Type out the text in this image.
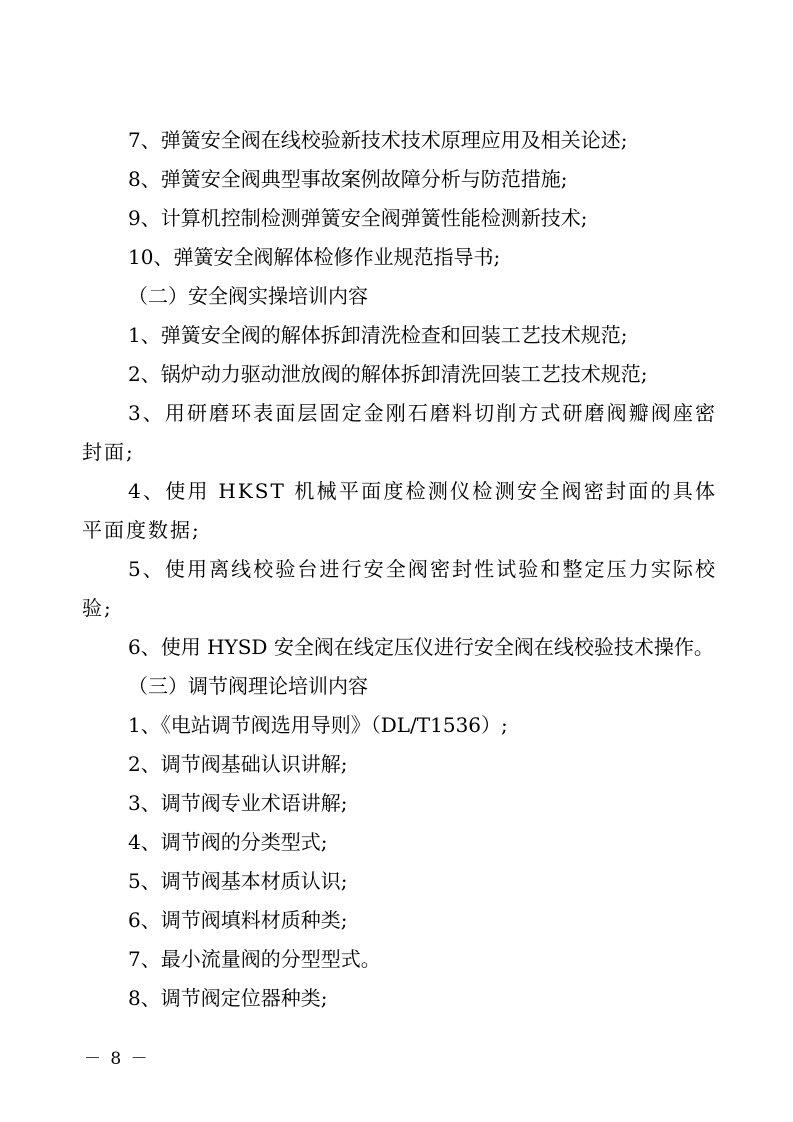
7、弹簧安全阀在线校验新技术技术原理应用及相关论述;

8、弹簧安全阀典型事故案例故障分析与防范措施;

9、计算机控制检测弹簧安全阀弹簧性能检测新技术;

10、弹簧安全阀解体检修作业规范指导书;

（二）安全阀实操培训内容

1、弹簧安全阀的解体拆卸清洗检查和回装工艺技术规范;

2、锅炉动力驱动泄放阀的解体拆卸清洗回装工艺技术规范;

3、用研磨环表面层固定金刚石磨料切削方式研磨阀瓣阀座密封面;

4、使用 HKST 机械平面度检测仪检测安全阀密封面的具体平面度数据;

5、使用离线校验台进行安全阀密封性试验和整定压力实际校验;

6、使用 HYSD 安全阀在线定压仪进行安全阀在线校验技术操作。

（三）调节阀理论培训内容

1、《电站调节阀选用导则》（DL/T1536）;

2、调节阀基础认识讲解;

3、调节阀专业术语讲解;

4、调节阀的分类型式;

5、调节阀基本材质认识;

6、调节阀填料材质种类;

7、最小流量阀的分型型式。

8、调节阀定位器种类;

－ 8 －
